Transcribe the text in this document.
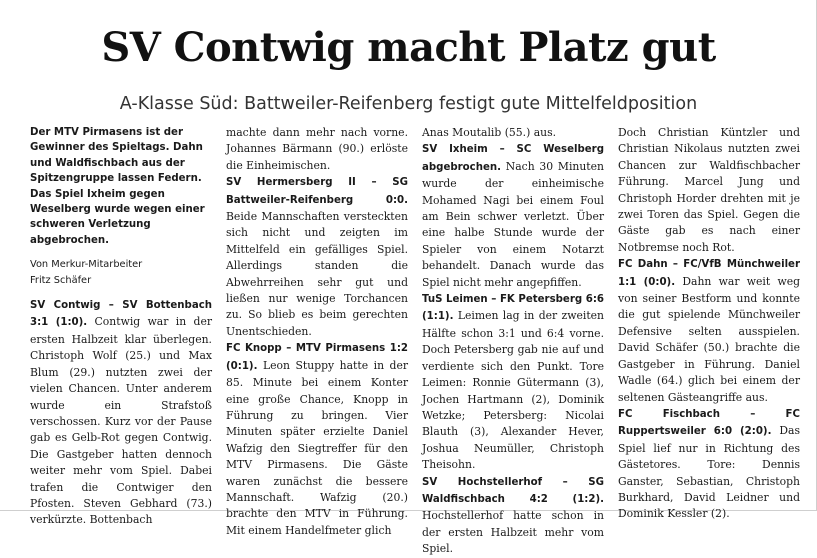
SV Contwig macht Platz gut
A-Klasse Süd: Battweiler-Reifenberg festigt gute Mittelfeldposition

Der MTV Pirmasens ist der Gewinner des Spieltags. Dahn und Waldfischbach aus der Spitzengruppe lassen Federn. Das Spiel Ixheim gegen Weselberg wurde wegen einer schweren Verletzung abgebrochen.

Von Merkur-Mitarbeiter
Fritz Schäfer

SV Contwig – SV Bottenbach 3:1 (1:0). Contwig war in der ersten Halbzeit klar überlegen. Christoph Wolf (25.) und Max Blum (29.) nutzten zwei der vielen Chancen. Unter anderem wurde ein Strafstoß verschossen. Kurz vor der Pause gab es Gelb-Rot gegen Contwig. Die Gastgeber hatten dennoch weiter mehr vom Spiel. Dabei trafen die Contwiger den Pfosten. Steven Gebhard (73.) verkürzte. Bottenbach

machte dann mehr nach vorne. Johannes Bärmann (90.) erlöste die Einheimischen.

SV Hermersberg II – SG Battweiler-Reifenberg 0:0. Beide Mannschaften versteckten sich nicht und zeigten im Mittelfeld ein gefälliges Spiel. Allerdings standen die Abwehrreihen sehr gut und ließen nur wenige Torchancen zu. So blieb es beim gerechten Unentschieden.

FC Knopp – MTV Pirmasens 1:2 (0:1). Leon Stuppy hatte in der 85. Minute bei einem Konter eine große Chance, Knopp in Führung zu bringen. Vier Minuten später erzielte Daniel Wafzig den Siegtreffer für den MTV Pirmasens. Die Gäste waren zunächst die bessere Mannschaft. Wafzig (20.) brachte den MTV in Führung. Mit einem Handelfmeter glich

Anas Moutalib (55.) aus.

SV Ixheim – SC Weselberg abgebrochen. Nach 30 Minuten wurde der einheimische Mohamed Nagi bei einem Foul am Bein schwer verletzt. Über eine halbe Stunde wurde der Spieler von einem Notarzt behandelt. Danach wurde das Spiel nicht mehr angepfiffen.

TuS Leimen – FK Petersberg 6:6 (1:1). Leimen lag in der zweiten Hälfte schon 3:1 und 6:4 vorne. Doch Petersberg gab nie auf und verdiente sich den Punkt. Tore Leimen: Ronnie Gütermann (3), Jochen Hartmann (2), Dominik Wetzke; Petersberg: Nicolai Blauth (3), Alexander Hever, Joshua Neumüller, Christoph Theisohn.

SV Hochstellerhof – SG Waldfischbach 4:2 (1:2). Hochstellerhof hatte schon in der ersten Halbzeit mehr vom Spiel.

Doch Christian Küntzler und Christian Nikolaus nutzten zwei Chancen zur Waldfischbacher Führung. Marcel Jung und Christoph Horder drehten mit je zwei Toren das Spiel. Gegen die Gäste gab es nach einer Notbremse noch Rot.

FC Dahn – FC/VfB Münchweiler 1:1 (0:0). Dahn war weit weg von seiner Bestform und konnte die gut spielende Münchweiler Defensive selten ausspielen. David Schäfer (50.) brachte die Gastgeber in Führung. Daniel Wadle (64.) glich bei einem der seltenen Gästeangriffe aus.

FC Fischbach – FC Ruppertsweiler 6:0 (2:0). Das Spiel lief nur in Richtung des Gästetores. Tore: Dennis Ganster, Sebastian, Christoph Burkhard, David Leidner und Dominik Kessler (2).
